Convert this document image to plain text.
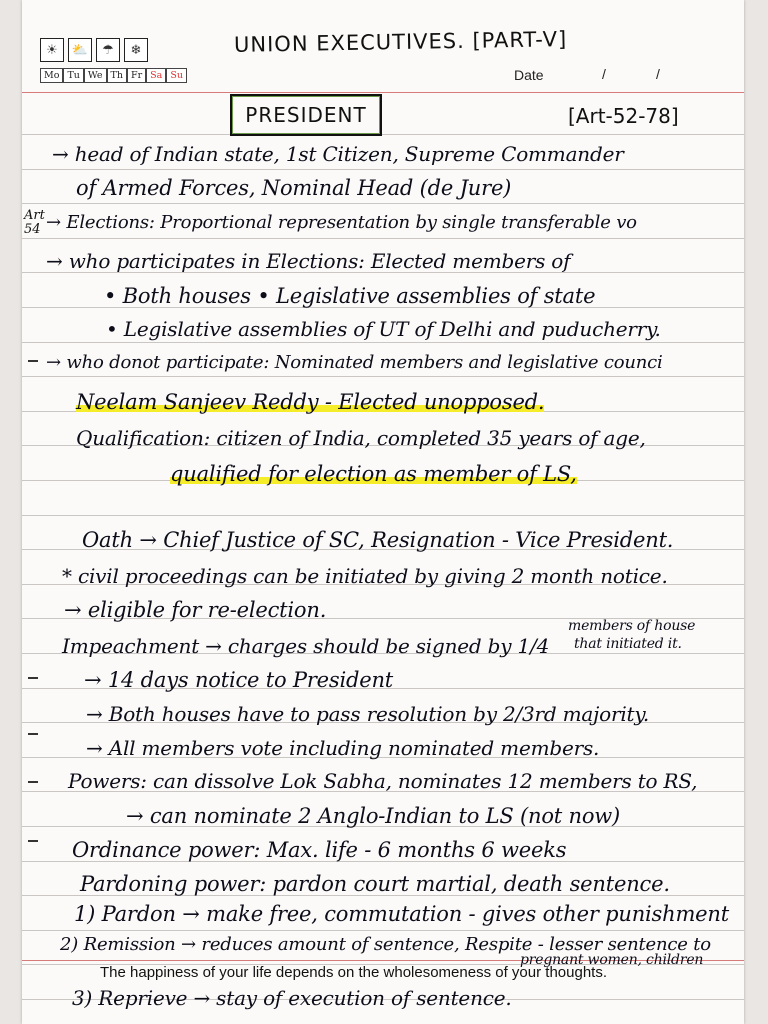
☀	⛅	☂	❄
Mo Tu We Th Fr Sa Su
UNION EXECUTIVES. [PART-V]
Date	/	/
PRESIDENT	[Art-52-78]
Art
54
→ head of Indian state, 1st Citizen, Supreme Commander
of Armed Forces, Nominal Head (de Jure)
→ Elections: Proportional representation by single transferable vo
→ who participates in Elections: Elected members of
• Both houses • Legislative assemblies of state
• Legislative assemblies of UT of Delhi and puducherry.
→ who donot participate: Nominated members and legislative counci
Neelam Sanjeev Reddy - Elected unopposed.
Qualification: citizen of India, completed 35 years of age,
qualified for election as member of LS,
Oath → Chief Justice of SC, Resignation - Vice President.
* civil proceedings can be initiated by giving 2 month notice.
→ eligible for re-election.
Impeachment → charges should be signed by 1/4
members of house
that initiated it.
→ 14 days notice to President
→ Both houses have to pass resolution by 2/3rd majority.
→ All members vote including nominated members.
Powers: can dissolve Lok Sabha, nominates 12 members to RS,
→ can nominate 2 Anglo-Indian to LS (not now)
Ordinance power: Max. life - 6 months 6 weeks
Pardoning power: pardon court martial, death sentence.
1) Pardon → make free, commutation - gives other punishment
2) Remission → reduces amount of sentence, Respite - lesser sentence to
pregnant women, children
3) Reprieve → stay of execution of sentence.
The happiness of your life depends on the wholesomeness of your thoughts.
